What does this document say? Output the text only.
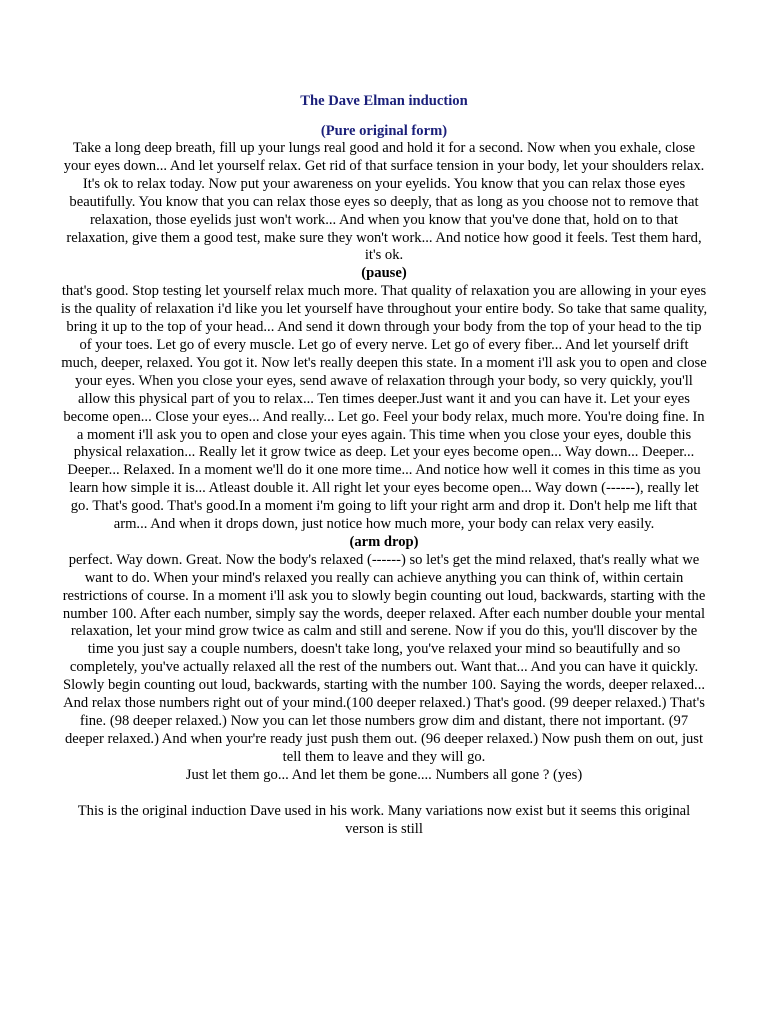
The Dave Elman induction

(Pure original form)

Take a long deep breath, fill up your lungs real good and hold it for a second. Now when you exhale, close your eyes down... And let yourself relax. Get rid of that surface tension in your body, let your shoulders relax. It's ok to relax today. Now put your awareness on your eyelids. You know that you can relax those eyes beautifully. You know that you can relax those eyes so deeply, that as long as you choose not to remove that relaxation, those eyelids just won't work... And when you know that you've done that, hold on to that relaxation, give them a good test, make sure they won't work... And notice how good it feels. Test them hard, it's ok.

(pause)

that's good. Stop testing let yourself relax much more. That quality of relaxation you are allowing in your eyes is the quality of relaxation i'd like you let yourself have throughout your entire body. So take that same quality, bring it up to the top of your head... And send it down through your body from the top of your head to the tip of your toes. Let go of every muscle. Let go of every nerve. Let go of every fiber... And let yourself drift much, deeper, relaxed. You got it. Now let's really deepen this state. In a moment i'll ask you to open and close your eyes. When you close your eyes, send awave of relaxation through your body, so very quickly, you'll allow this physical part of you to relax... Ten times deeper.Just want it and you can have it. Let your eyes become open... Close your eyes... And really... Let go. Feel your body relax, much more. You're doing fine. In a moment i'll ask you to open and close your eyes again. This time when you close your eyes, double this physical relaxation... Really let it grow twice as deep. Let your eyes become open... Way down... Deeper... Deeper... Relaxed. In a moment we'll do it one more time... And notice how well it comes in this time as you learn how simple it is... Atleast double it. All right let your eyes become open... Way down (------), really let go. That's good. That's good.In a moment i'm going to lift your right arm and drop it. Don't help me lift that arm... And when it drops down, just notice how much more, your body can relax very easily.

(arm drop)

perfect. Way down. Great. Now the body's relaxed (------) so let's get the mind relaxed, that's really what we want to do. When your mind's relaxed you really can achieve anything you can think of, within certain restrictions of course. In a moment i'll ask you to slowly begin counting out loud, backwards, starting with the number 100. After each number, simply say the words, deeper relaxed. After each number double your mental relaxation, let your mind grow twice as calm and still and serene. Now if you do this, you'll discover by the time you just say a couple numbers, doesn't take long, you've relaxed your mind so beautifully and so completely, you've actually relaxed all the rest of the numbers out. Want that... And you can have it quickly. Slowly begin counting out loud, backwards, starting with the number 100. Saying the words, deeper relaxed... And relax those numbers right out of your mind.(100 deeper relaxed.) That's good. (99 deeper relaxed.) That's fine. (98 deeper relaxed.) Now you can let those numbers grow dim and distant, there not important. (97 deeper relaxed.) And when your're ready just push them out. (96 deeper relaxed.) Now push them on out, just tell them to leave and they will go.

Just let them go... And let them be gone.... Numbers all gone ? (yes)

This is the original induction Dave used in his work. Many variations now exist but it seems this original verson is still
